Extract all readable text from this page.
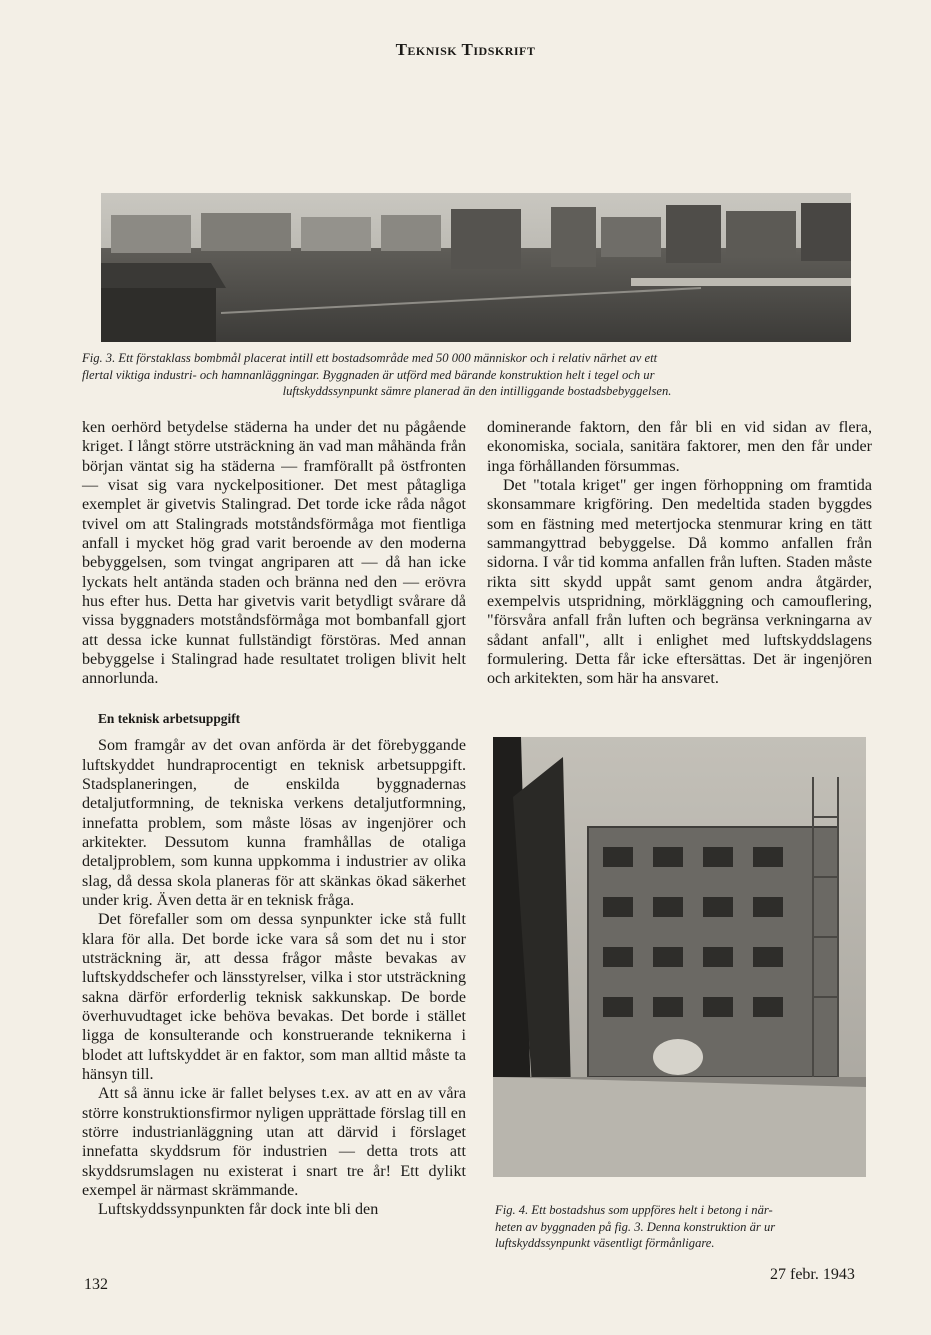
Teknisk Tidskrift
Fig. 3. Ett förstaklass bombmål placerat intill ett bostadsområde med 50 000 människor och i relativ närhet av ett
flertal viktiga industri- och hamnanläggningar. Byggnaden är utförd med bärande konstruktion helt i tegel och ur
luftskyddssynpunkt sämre planerad än den intilliggande bostadsbebyggelsen.

ken oerhörd betydelse städerna ha under det nu pågående kriget. I långt större utsträckning än vad man måhända från början väntat sig ha städerna — framförallt på östfronten — visat sig vara nyckelpositioner. Det mest påtagliga exemplet är givetvis Stalingrad. Det torde icke råda något tvivel om att Stalingrads motståndsförmåga mot fientliga anfall i mycket hög grad varit beroende av den moderna bebyggelsen, som tvingat angriparen att — då han icke lyckats helt antända staden och bränna ned den — erövra hus efter hus. Detta har givetvis varit betydligt svårare då vissa byggnaders motståndsförmåga mot bombanfall gjort att dessa icke kunnat fullständigt förstöras. Med annan bebyggelse i Stalingrad hade resultatet troligen blivit helt annorlunda.

En teknisk arbetsuppgift

Som framgår av det ovan anförda är det förebyggande luftskyddet hundraprocentigt en teknisk arbetsuppgift. Stadsplaneringen, de enskilda byggnadernas detaljutformning, de tekniska verkens detaljutformning, innefatta problem, som måste lösas av ingenjörer och arkitekter. Dessutom kunna framhållas de otaliga detaljproblem, som kunna uppkomma i industrier av olika slag, då dessa skola planeras för att skänkas ökad säkerhet under krig. Även detta är en teknisk fråga.

Det förefaller som om dessa synpunkter icke stå fullt klara för alla. Det borde icke vara så som det nu i stor utsträckning är, att dessa frågor måste bevakas av luftskyddschefer och länsstyrelser, vilka i stor utsträckning sakna därför erforderlig teknisk sakkunskap. De borde överhuvudtaget icke behöva bevakas. Det borde i stället ligga de konsulterande och konstruerande teknikerna i blodet att luftskyddet är en faktor, som man alltid måste ta hänsyn till.

Att så ännu icke är fallet belyses t.ex. av att en av våra större konstruktionsfirmor nyligen upprättade förslag till en större industrianläggning utan att därvid i förslaget innefatta skyddsrum för industrien — detta trots att skyddsrumslagen nu existerat i snart tre år! Ett dylikt exempel är närmast skrämmande.

Luftskyddssynpunkten får dock inte bli den

dominerande faktorn, den får bli en vid sidan av flera, ekonomiska, sociala, sanitära faktorer, men den får under inga förhållanden försummas.

Det "totala kriget" ger ingen förhoppning om framtida skonsammare krigföring. Den medeltida staden byggdes som en fästning med metertjocka stenmurar kring en tätt sammangyttrad bebyggelse. Då kommo anfallen från sidorna. I vår tid komma anfallen från luften. Staden måste rikta sitt skydd uppåt samt genom andra åtgärder, exempelvis utspridning, mörkläggning och camouflering, "försvåra anfall från luften och begränsa verkningarna av sådant anfall", allt i enlighet med luftskyddslagens formulering. Detta får icke eftersättas. Det är ingenjören och arkitekten, som här ha ansvaret.

Fig. 4. Ett bostadshus som uppföres helt i betong i när-
heten av byggnaden på fig. 3. Denna konstruktion är ur
luftskyddssynpunkt väsentligt förmånligare.
132
27 febr. 1943
